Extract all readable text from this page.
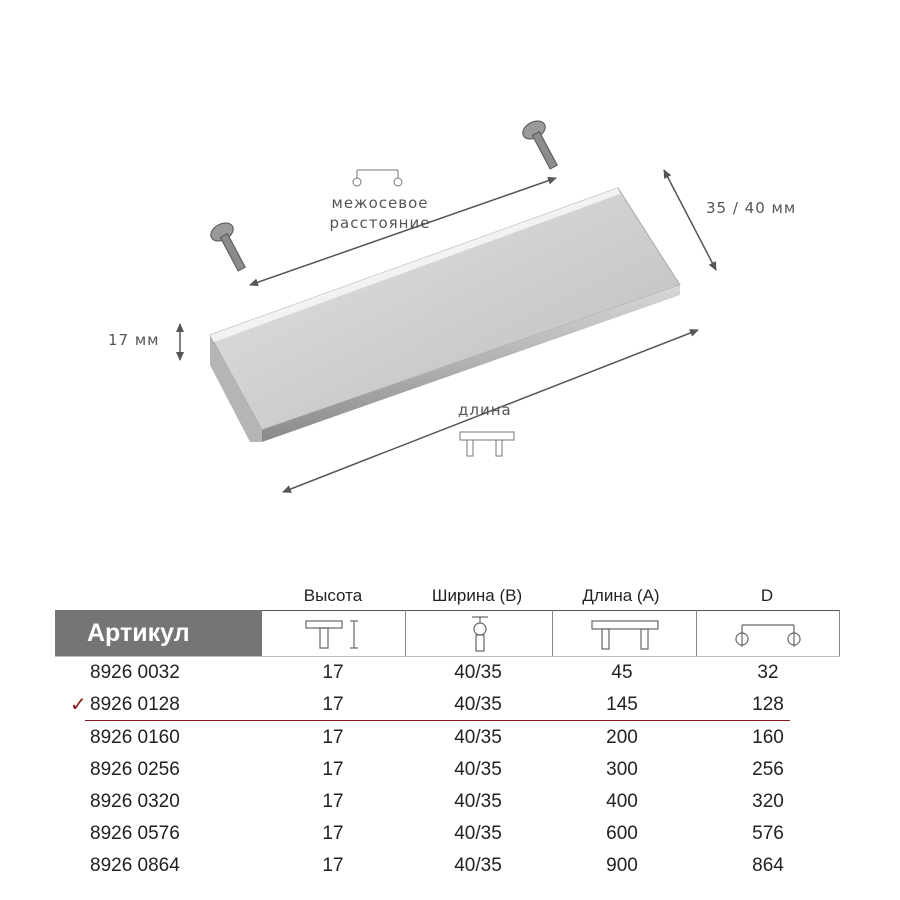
межосевое
расстояние
35 / 40 мм
17 мм
длина
Высота	Ширина (B)	Длина (A)	D
Артикул
8926 0032	17	40/35	45	32
✓ 8926 0128	17	40/35	145	128
8926 0160	17	40/35	200	160
8926 0256	17	40/35	300	256
8926 0320	17	40/35	400	320
8926 0576	17	40/35	600	576
8926 0864	17	40/35	900	864
